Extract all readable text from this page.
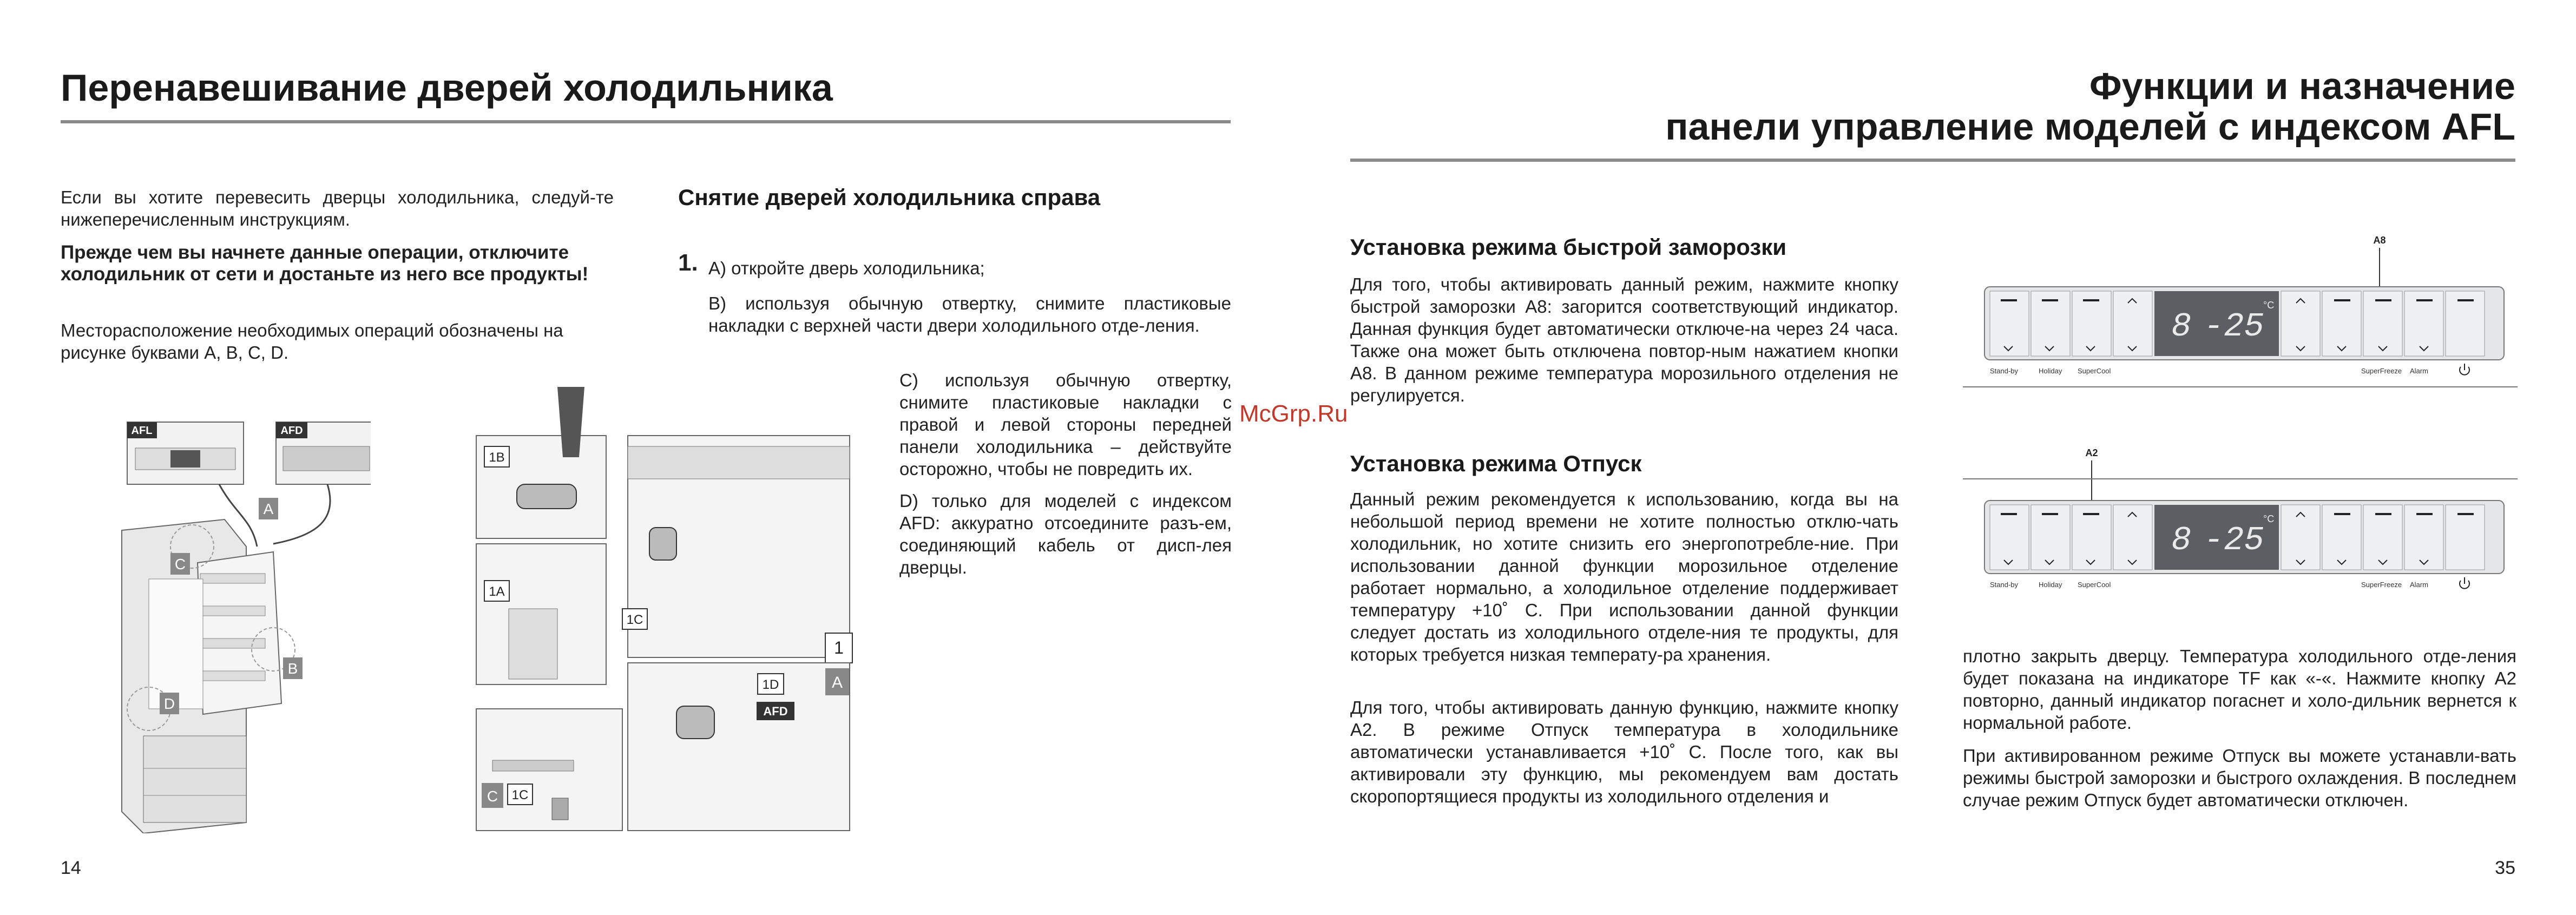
Перенавешивание дверей холодильника
Если вы хотите перевесить дверцы холодильника, следуй-те нижеперечисленным инструкциям.
Прежде чем вы начнете данные операции, отключите холодильник от сети и достаньте из него все продукты!
Месторасположение необходимых операций обозначены на рисунке буквами A, B, C, D.
Снятие дверей холодильника справа
1. A) откройте дверь холодильника;
B) используя обычную отвертку, снимите пластиковые накладки с верхней части двери холодильного отде-ления.
C) используя обычную отвертку, снимите пластиковые накладки с правой и левой стороны передней панели холодильника – действуйте осторожно, чтобы не повредить их.
D) только для моделей с индексом AFD: аккуратно отсоедините разъ-ем, соединяющий кабель от дисп-лея дверцы.
AFL	AFD
A
B
C
D
1B
1A
1C
1
1D
AFD
A
C 1C
14
McGrp.Ru
Функции и назначение
панели управление моделей с индексом AFL
Установка режима быстрой заморозки
Для того, чтобы активировать данный режим, нажмите кнопку быстрой заморозки A8: загорится соответствующий индикатор. Данная функция будет автоматически отключе-на через 24 часа. Также она может быть отключена повтор-ным нажатием кнопки A8. В данном режиме температура морозильного отделения не регулируется.
Установка режима Отпуск
Данный режим рекомендуется к использованию, когда вы на небольшой период времени не хотите полностью отклю-чать холодильник, но хотите снизить его энергопотребле-ние. При использовании данной функции морозильное отделение работает нормально, а холодильное отделение поддерживает температуру +10˚ С. При использовании данной функции следует достать из холодильного отделе-ния те продукты, для которых требуется низкая температу-ра хранения.
Для того, чтобы активировать данную функцию, нажмите кнопку A2. В режиме Отпуск температура в холодильнике автоматически устанавливается +10˚ С. После того, как вы активировали эту функцию, мы рекомендуем вам достать скоропортящиеся продукты из холодильного отделения и
A8
8 -25
°C
Stand-by	Holiday SuperCool	SuperFreeze Alarm
A2
8 -25
°C
Stand-by	Holiday SuperCool	SuperFreeze Alarm
плотно закрыть дверцу. Температура холодильного отде-ления будет показана на индикаторе TF как «-«. Нажмите кнопку A2 повторно, данный индикатор погаснет и холо-дильник вернется к нормальной работе.
При активированном режиме Отпуск вы можете устанавли-вать режимы быстрой заморозки и быстрого охлаждения. В последнем случае режим Отпуск будет автоматически отключен.
35
